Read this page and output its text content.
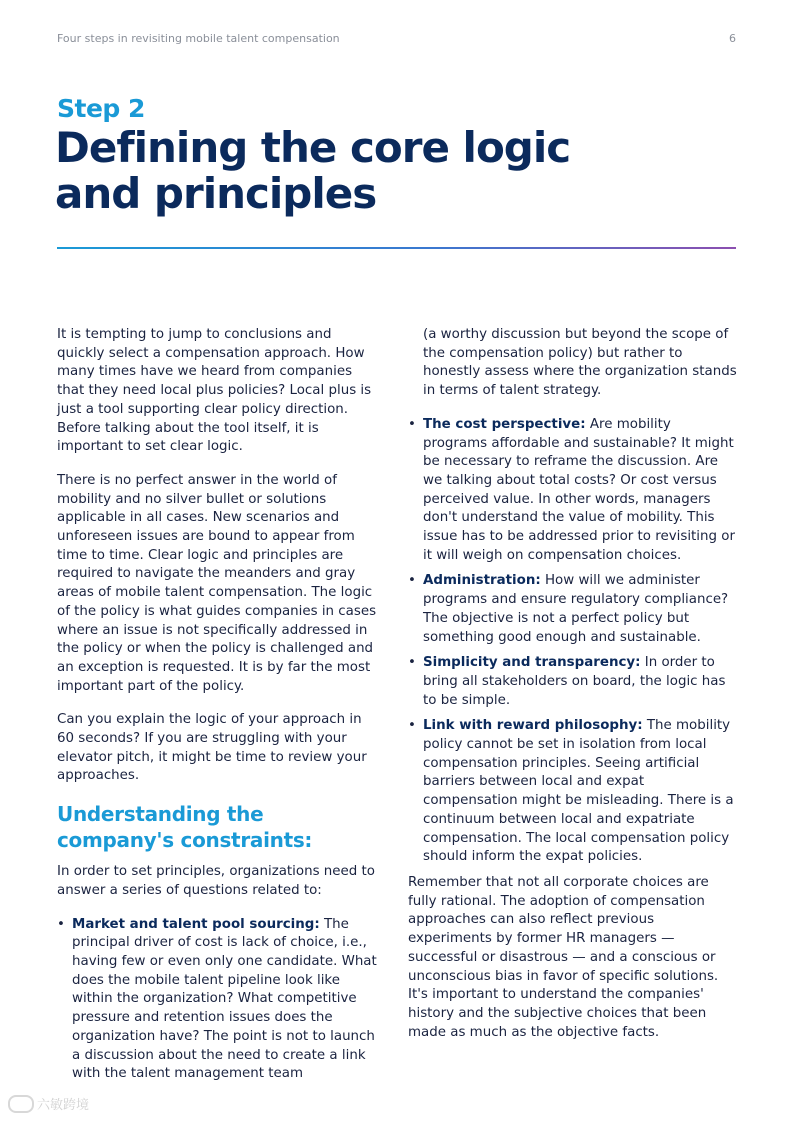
Four steps in revisiting mobile talent compensation	6
Step 2
Defining the core logic
and principles

It is tempting to jump to conclusions and quickly select a compensation approach. How many times have we heard from companies that they need local plus policies? Local plus is just a tool supporting clear policy direction. Before talking about the tool itself, it is important to set clear logic.

There is no perfect answer in the world of mobility and no silver bullet or solutions applicable in all cases. New scenarios and unforeseen issues are bound to appear from time to time. Clear logic and principles are required to navigate the meanders and gray areas of mobile talent compensation. The logic of the policy is what guides companies in cases where an issue is not specifically addressed in the policy or when the policy is challenged and an exception is requested. It is by far the most important part of the policy.

Can you explain the logic of your approach in 60 seconds? If you are struggling with your elevator pitch, it might be time to review your approaches.

Understanding the
company's constraints:

In order to set principles, organizations need to answer a series of questions related to:

• Market and talent pool sourcing: The principal driver of cost is lack of choice, i.e., having few or even only one candidate. What does the mobile talent pipeline look like within the organization? What competitive pressure and retention issues does the organization have? The point is not to launch a discussion about the need to create a link with the talent management team

(a worthy discussion but beyond the scope of the compensation policy) but rather to honestly assess where the organization stands in terms of talent strategy.

• The cost perspective: Are mobility programs affordable and sustainable? It might be necessary to reframe the discussion. Are we talking about total costs? Or cost versus perceived value. In other words, managers don't understand the value of mobility. This issue has to be addressed prior to revisiting or it will weigh on compensation choices.
• Administration: How will we administer programs and ensure regulatory compliance? The objective is not a perfect policy but something good enough and sustainable.
• Simplicity and transparency: In order to bring all stakeholders on board, the logic has to be simple.
• Link with reward philosophy: The mobility policy cannot be set in isolation from local compensation principles. Seeing artificial barriers between local and expat compensation might be misleading. There is a continuum between local and expatriate compensation. The local compensation policy should inform the expat policies.

Remember that not all corporate choices are fully rational. The adoption of compensation approaches can also reflect previous experiments by former HR managers — successful or disastrous — and a conscious or unconscious bias in favor of specific solutions. It's important to understand the companies' history and the subjective choices that been made as much as the objective facts.

六敏跨境
